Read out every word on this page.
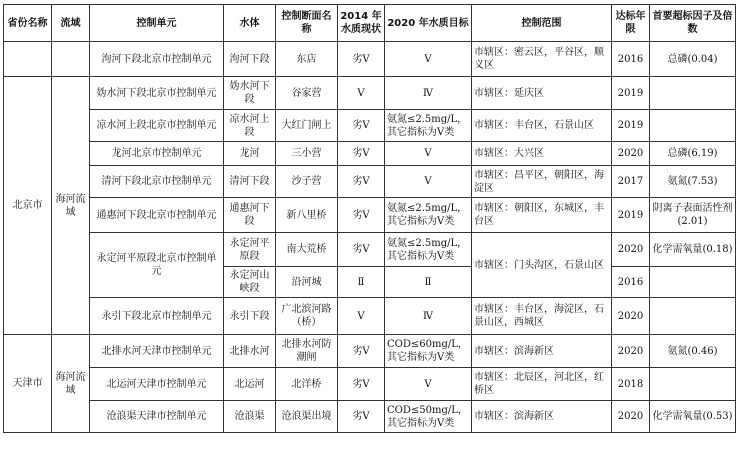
省份名称	流域	控制单元	水体	控制断面名称	2014 年水质现状	2020 年水质目标	控制范围	达标年限	首要超标因子及倍数
		泃河下段北京市控制单元	泃河下段	东店	劣Ⅴ	Ⅴ	市辖区：密云区，平谷区，顺义区	2016	总磷(0.04)
北京市	海河流域	妫水河下段北京市控制单元	妫水河下段	谷家营	Ⅴ	Ⅳ	市辖区：延庆区	2019	
		凉水河上段北京市控制单元	凉水河上段	大红门闸上	劣Ⅴ	氨氮≤2.5mg/L，其它指标为Ⅴ类	市辖区：丰台区，石景山区	2019	
		龙河北京市控制单元	龙河	三小营	劣Ⅴ	Ⅴ	市辖区：大兴区	2020	总磷(6.19)
		清河下段北京市控制单元	清河下段	沙子营	劣Ⅴ	Ⅴ	市辖区：昌平区，朝阳区，海淀区	2017	氨氮(7.53)
		通惠河下段北京市控制单元	通惠河下段	新八里桥	劣Ⅴ	氨氮≤2.5mg/L，其它指标为Ⅴ类	市辖区：朝阳区，东城区，丰台区	2019	阴离子表面活性剂(2.01)
		永定河平原段北京市控制单元	永定河平原段	南大荒桥	劣Ⅴ	氨氮≤2.5mg/L，其它指标为Ⅴ类	市辖区：门头沟区，石景山区	2020	化学需氧量(0.18)
			永定河山峡段	沿河城	Ⅱ	Ⅱ		2016	
		永引下段北京市控制单元	永引下段	广北滨河路（桥）	Ⅴ	Ⅳ	市辖区：丰台区，海淀区，石景山区，西城区	2020	
天津市	海河流域	北排水河天津市控制单元	北排水河	北排水河防潮闸	劣Ⅴ	COD≤60mg/L，其它指标为Ⅴ类	市辖区：滨海新区	2020	氨氮(0.46)
		北运河天津市控制单元	北运河	北洋桥	劣Ⅴ	Ⅴ	市辖区：北辰区，河北区，红桥区	2018	
		沧浪渠天津市控制单元	沧浪渠	沧浪渠出境	劣Ⅴ	COD≤50mg/L，其它指标为Ⅴ类	市辖区：滨海新区	2020	化学需氧量(0.53)
